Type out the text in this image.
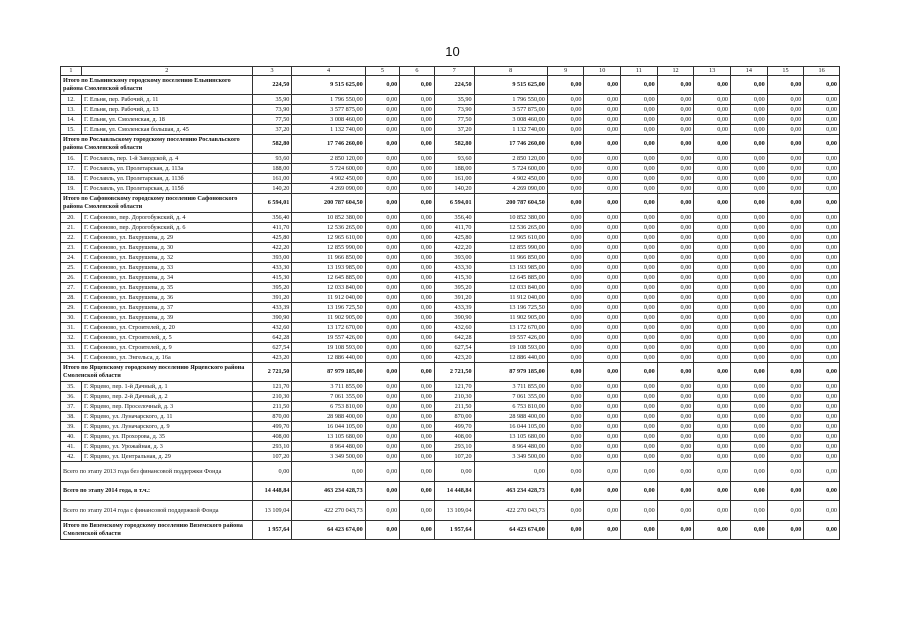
10
1	2	3	4	5	6	7	8	9	10	11	12	13	14	15	16
Итого по Ельнинскому городскому поселению Ельнинского района Смоленской области		224,50	9 515 625,00	0,00	0,00	224,50	9 515 625,00	0,00	0,00	0,00	0,00	0,00	0,00	0,00	0,00
12.	Г. Ельня, пер. Рабочий, д. 11	35,90	1 796 550,00	0,00	0,00	35,90	1 796 550,00	0,00	0,00	0,00	0,00	0,00	0,00	0,00	0,00
13.	Г. Ельня, пер. Рабочий, д. 13	73,90	3 577 875,00	0,00	0,00	73,90	3 577 875,00	0,00	0,00	0,00	0,00	0,00	0,00	0,00	0,00
14.	Г. Ельня, ул. Смоленская, д. 18	77,50	3 008 460,00	0,00	0,00	77,50	3 008 460,00	0,00	0,00	0,00	0,00	0,00	0,00	0,00	0,00
15.	Г. Ельня, ул. Смоленская большая, д. 45	37,20	1 132 740,00	0,00	0,00	37,20	1 132 740,00	0,00	0,00	0,00	0,00	0,00	0,00	0,00	0,00
Итого по Рославльскому городскому поселению Рославльского района Смоленской области		582,80	17 746 260,00	0,00	0,00	582,80	17 746 260,00	0,00	0,00	0,00	0,00	0,00	0,00	0,00	0,00
16.	Г. Рославль, пер. 1-й Заводской, д. 4	93,60	2 850 120,00	0,00	0,00	93,60	2 850 120,00	0,00	0,00	0,00	0,00	0,00	0,00	0,00	0,00
17.	Г. Рославль, ул. Пролетарская, д. 113а	188,00	5 724 600,00	0,00	0,00	188,00	5 724 600,00	0,00	0,00	0,00	0,00	0,00	0,00	0,00	0,00
18.	Г. Рославль, ул. Пролетарская, д. 113б	161,00	4 902 450,00	0,00	0,00	161,00	4 902 450,00	0,00	0,00	0,00	0,00	0,00	0,00	0,00	0,00
19.	Г. Рославль, ул. Пролетарская, д. 115б	140,20	4 269 090,00	0,00	0,00	140,20	4 269 090,00	0,00	0,00	0,00	0,00	0,00	0,00	0,00	0,00
Итого по Сафоновскому городскому поселению Сафоновского района Смоленской области		6 594,01	200 787 604,50	0,00	0,00	6 594,01	200 787 604,50	0,00	0,00	0,00	0,00	0,00	0,00	0,00	0,00
20.	Г. Сафоново, пер. Дорогобужский, д. 4	356,40	10 852 380,00	0,00	0,00	356,40	10 852 380,00	0,00	0,00	0,00	0,00	0,00	0,00	0,00	0,00
21.	Г. Сафоново, пер. Дорогобужский, д. 6	411,70	12 536 265,00	0,00	0,00	411,70	12 536 265,00	0,00	0,00	0,00	0,00	0,00	0,00	0,00	0,00
22.	Г. Сафоново, ул. Вахрушева, д. 29	425,80	12 965 610,00	0,00	0,00	425,80	12 965 610,00	0,00	0,00	0,00	0,00	0,00	0,00	0,00	0,00
23.	Г. Сафоново, ул. Вахрушева, д. 30	422,20	12 855 990,00	0,00	0,00	422,20	12 855 990,00	0,00	0,00	0,00	0,00	0,00	0,00	0,00	0,00
24.	Г. Сафоново, ул. Вахрушева, д. 32	393,00	11 966 850,00	0,00	0,00	393,00	11 966 850,00	0,00	0,00	0,00	0,00	0,00	0,00	0,00	0,00
25.	Г. Сафоново, ул. Вахрушева, д. 33	433,30	13 193 985,00	0,00	0,00	433,30	13 193 985,00	0,00	0,00	0,00	0,00	0,00	0,00	0,00	0,00
26.	Г. Сафоново, ул. Вахрушева, д. 34	415,30	12 645 885,00	0,00	0,00	415,30	12 645 885,00	0,00	0,00	0,00	0,00	0,00	0,00	0,00	0,00
27.	Г. Сафоново, ул. Вахрушева, д. 35	395,20	12 033 840,00	0,00	0,00	395,20	12 033 840,00	0,00	0,00	0,00	0,00	0,00	0,00	0,00	0,00
28.	Г. Сафоново, ул. Вахрушева, д. 36	391,20	11 912 040,00	0,00	0,00	391,20	11 912 040,00	0,00	0,00	0,00	0,00	0,00	0,00	0,00	0,00
29.	Г. Сафоново, ул. Вахрушева, д. 37	433,39	13 196 725,50	0,00	0,00	433,39	13 196 725,50	0,00	0,00	0,00	0,00	0,00	0,00	0,00	0,00
30.	Г. Сафоново, ул. Вахрушева, д. 39	390,90	11 902 905,00	0,00	0,00	390,90	11 902 905,00	0,00	0,00	0,00	0,00	0,00	0,00	0,00	0,00
31.	Г. Сафоново, ул. Строителей, д. 20	432,60	13 172 670,00	0,00	0,00	432,60	13 172 670,00	0,00	0,00	0,00	0,00	0,00	0,00	0,00	0,00
32.	Г. Сафоново, ул. Строителей, д. 5	642,28	19 557 426,00	0,00	0,00	642,28	19 557 426,00	0,00	0,00	0,00	0,00	0,00	0,00	0,00	0,00
33.	Г. Сафоново, ул. Строителей, д. 9	627,54	19 108 593,00	0,00	0,00	627,54	19 108 593,00	0,00	0,00	0,00	0,00	0,00	0,00	0,00	0,00
34.	Г. Сафоново, ул. Энгельса, д. 16а	423,20	12 886 440,00	0,00	0,00	423,20	12 886 440,00	0,00	0,00	0,00	0,00	0,00	0,00	0,00	0,00
Итого по Ярцевскому городскому поселению Ярцевского района Смоленской области		2 721,50	87 979 185,00	0,00	0,00	2 721,50	87 979 185,00	0,00	0,00	0,00	0,00	0,00	0,00	0,00	0,00
35.	Г. Ярцево, пер. 1-й Дачный, д. 1	121,70	3 711 855,00	0,00	0,00	121,70	3 711 855,00	0,00	0,00	0,00	0,00	0,00	0,00	0,00	0,00
36.	Г. Ярцево, пер. 2-й Дачный, д. 2	210,30	7 061 355,00	0,00	0,00	210,30	7 061 355,00	0,00	0,00	0,00	0,00	0,00	0,00	0,00	0,00
37.	Г. Ярцево, пер. Проселочный, д. 3	211,50	6 753 810,00	0,00	0,00	211,50	6 753 810,00	0,00	0,00	0,00	0,00	0,00	0,00	0,00	0,00
38.	Г. Ярцево, ул. Луначарского, д. 11	870,00	28 988 400,00	0,00	0,00	870,00	28 988 400,00	0,00	0,00	0,00	0,00	0,00	0,00	0,00	0,00
39.	Г. Ярцево, ул. Луначарского, д. 9	499,70	16 044 105,00	0,00	0,00	499,70	16 044 105,00	0,00	0,00	0,00	0,00	0,00	0,00	0,00	0,00
40.	Г. Ярцево, ул. Прохорова, д. 35	408,00	13 105 680,00	0,00	0,00	408,00	13 105 680,00	0,00	0,00	0,00	0,00	0,00	0,00	0,00	0,00
41.	Г. Ярцево, ул. Урожайная, д. 3	293,10	8 964 480,00	0,00	0,00	293,10	8 964 480,00	0,00	0,00	0,00	0,00	0,00	0,00	0,00	0,00
42.	Г. Ярцево, ул. Центральная, д. 29	107,20	3 349 500,00	0,00	0,00	107,20	3 349 500,00	0,00	0,00	0,00	0,00	0,00	0,00	0,00	0,00
Всего по этапу 2013 года без финансовой поддержки Фонда		0,00	0,00	0,00	0,00	0,00	0,00	0,00	0,00	0,00	0,00	0,00	0,00	0,00	0,00
Всего по этапу 2014 года, в т.ч.:		14 448,84	463 234 428,73	0,00	0,00	14 448,84	463 234 428,73	0,00	0,00	0,00	0,00	0,00	0,00	0,00	0,00
Всего по этапу 2014 года с финансовой поддержкой Фонда		13 109,04	422 270 043,73	0,00	0,00	13 109,04	422 270 043,73	0,00	0,00	0,00	0,00	0,00	0,00	0,00	0,00
Итого по Вяземскому городскому поселению Вяземского района Смоленской области		1 957,64	64 423 674,00	0,00	0,00	1 957,64	64 423 674,00	0,00	0,00	0,00	0,00	0,00	0,00	0,00	0,00
